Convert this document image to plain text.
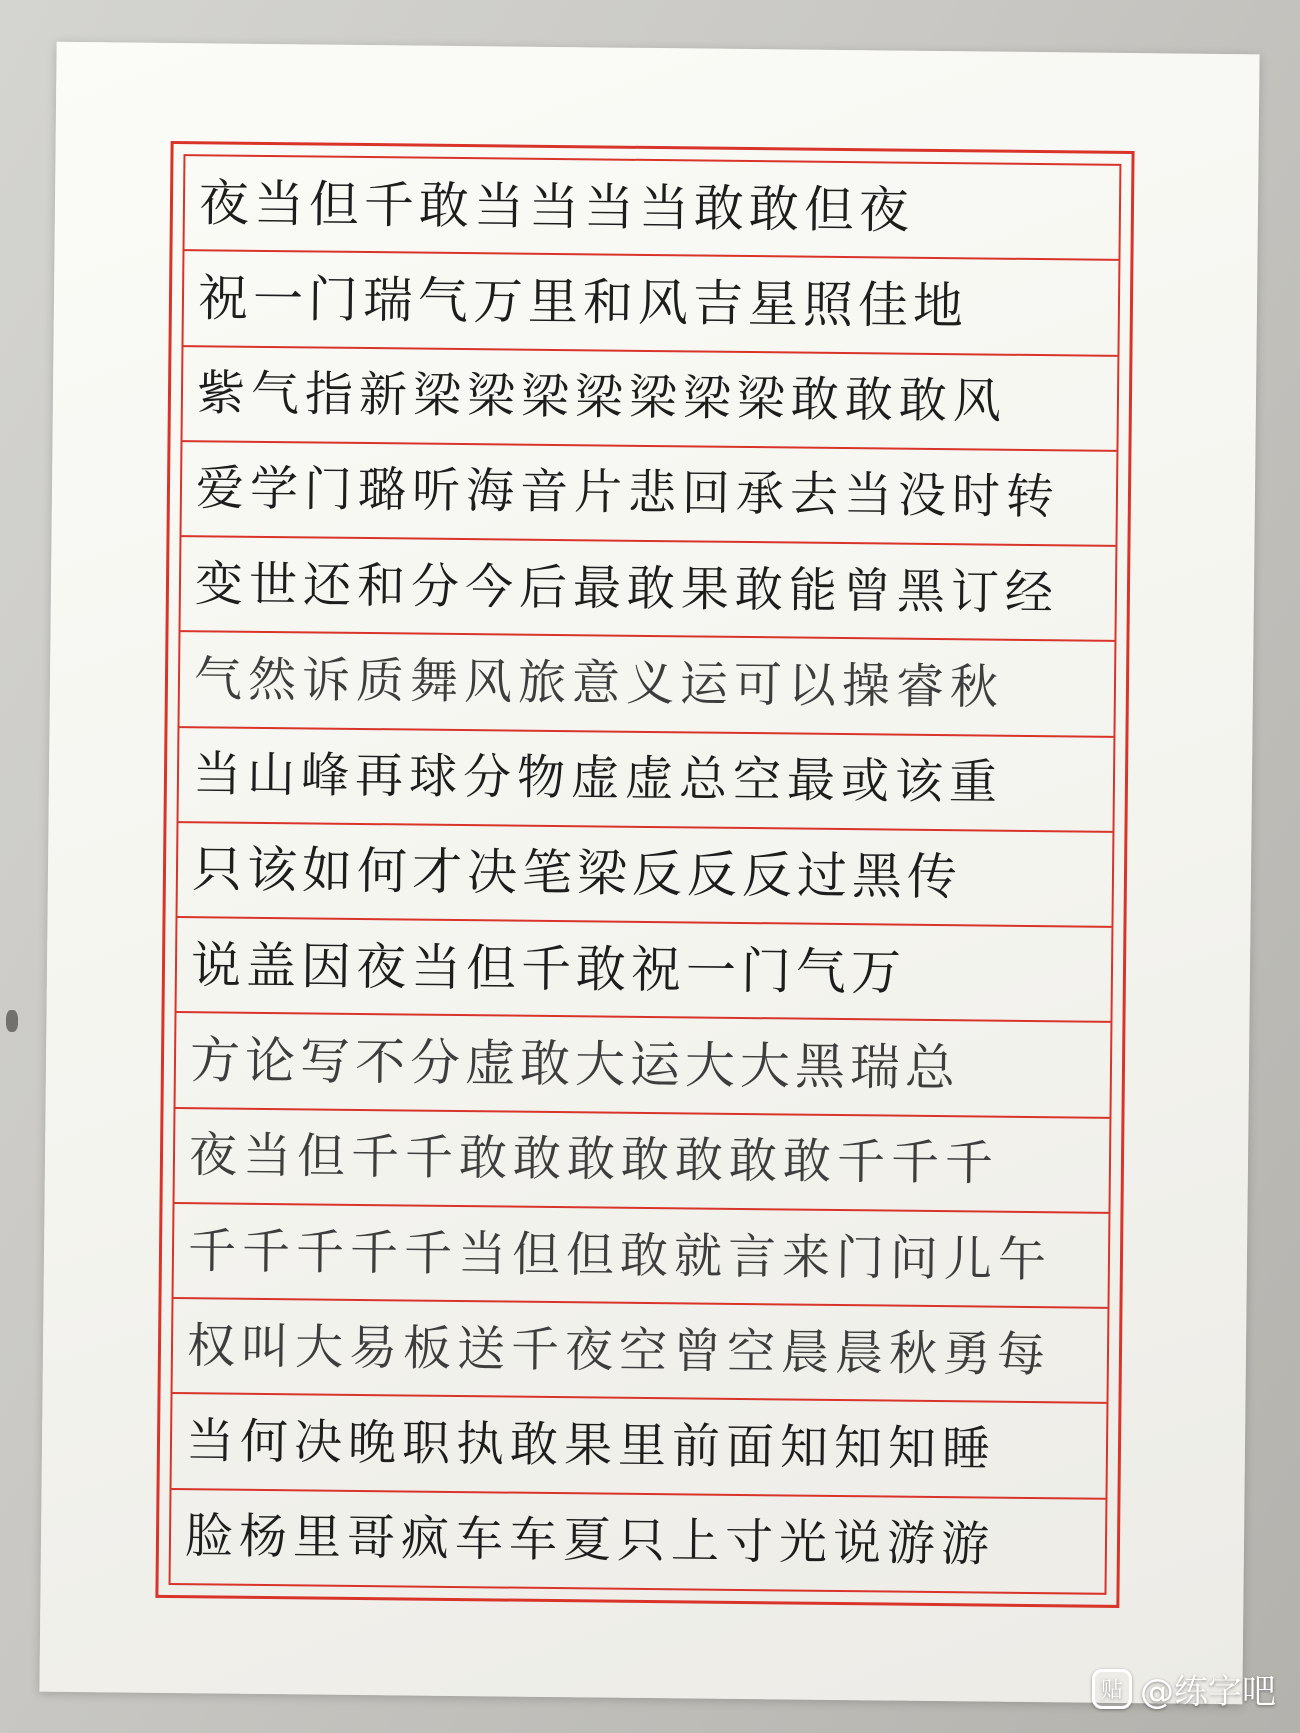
夜当但千敢当当当当敢敢但夜
祝一门瑞气万里和风吉星照佳地
紫气指新梁梁梁梁梁梁梁敢敢敢风
爱学门璐听海音片悲回承去当没时转
变世还和分今后最敢果敢能曾黑订经
气然诉质舞风旅意义运可以操睿秋
当山峰再球分物虚虚总空最或该重
只该如何才决笔梁反反反过黑传
说盖因夜当但千敢祝一门气万
方论写不分虚敢大运大大黑瑞总
夜当但千千敢敢敢敢敢敢敢千千千
千千千千千当但但敢就言来门问儿午
权叫大易板送千夜空曾空晨晨秋勇每
当何决晚职执敢果里前面知知知睡
脸杨里哥疯车车夏只上寸光说游游
贴 @练字吧
